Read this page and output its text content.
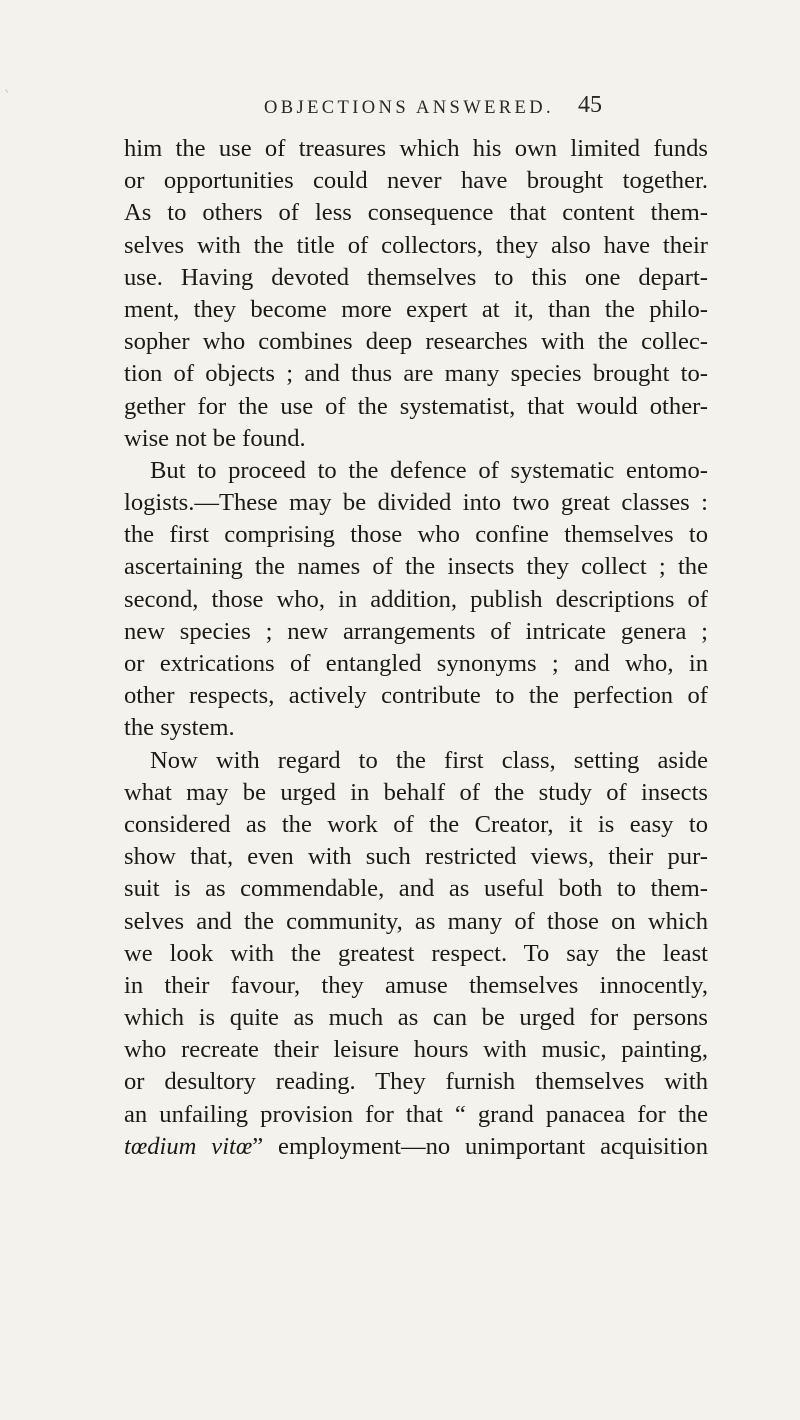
OBJECTIONS ANSWERED. 45
him the use of treasures which his own limited funds
or opportunities could never have brought together.
As to others of less consequence that content them-
selves with the title of collectors, they also have their
use. Having devoted themselves to this one depart-
ment, they become more expert at it, than the philo-
sopher who combines deep researches with the collec-
tion of objects ; and thus are many species brought to-
gether for the use of the systematist, that would other-
wise not be found.
But to proceed to the defence of systematic entomo-
logists.—These may be divided into two great classes :
the first comprising those who confine themselves to
ascertaining the names of the insects they collect ; the
second, those who, in addition, publish descriptions of
new species ; new arrangements of intricate genera ;
or extrications of entangled synonyms ; and who, in
other respects, actively contribute to the perfection of
the system.
Now with regard to the first class, setting aside
what may be urged in behalf of the study of insects
considered as the work of the Creator, it is easy to
show that, even with such restricted views, their pur-
suit is as commendable, and as useful both to them-
selves and the community, as many of those on which
we look with the greatest respect. To say the least
in their favour, they amuse themselves innocently,
which is quite as much as can be urged for persons
who recreate their leisure hours with music, painting,
or desultory reading. They furnish themselves with
an unfailing provision for that “ grand panacea for the
tœdium vitœ” employment—no unimportant acquisition
